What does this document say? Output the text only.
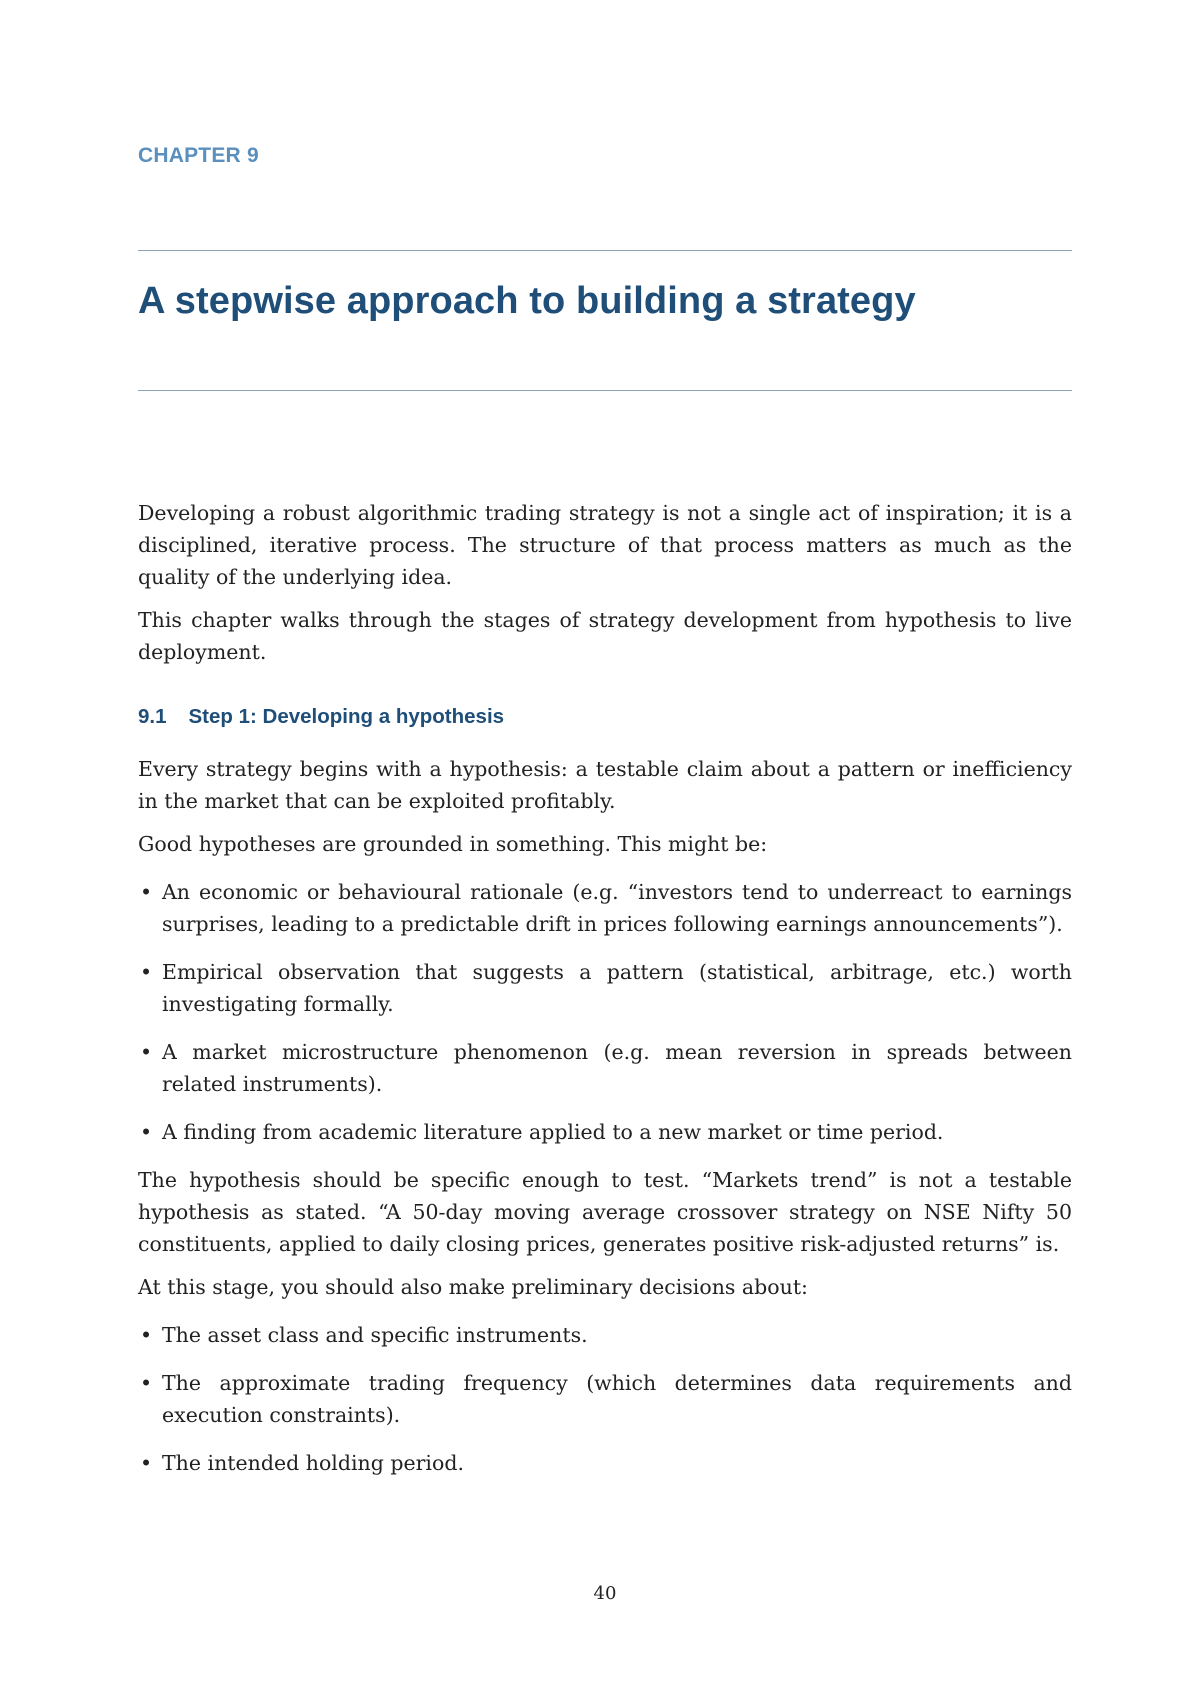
CHAPTER 9
A stepwise approach to building a strategy

Developing a robust algorithmic trading strategy is not a single act of inspiration; it is a disciplined, iterative process. The structure of that process matters as much as the quality of the underlying idea.

This chapter walks through the stages of strategy development from hypothesis to live deployment.

9.1 Step 1: Developing a hypothesis

Every strategy begins with a hypothesis: a testable claim about a pattern or inefficiency in the market that can be exploited profitably.

Good hypotheses are grounded in something. This might be:

• An economic or behavioural rationale (e.g. “investors tend to underreact to earnings surprises, leading to a predictable drift in prices following earnings announcements”).
• Empirical observation that suggests a pattern (statistical, arbitrage, etc.) worth investigating formally.
• A market microstructure phenomenon (e.g. mean reversion in spreads between related instruments).
• A finding from academic literature applied to a new market or time period.

The hypothesis should be specific enough to test. “Markets trend” is not a testable hypothesis as stated. “A 50-day moving average crossover strategy on NSE Nifty 50 constituents, applied to daily closing prices, generates positive risk-adjusted returns” is.

At this stage, you should also make preliminary decisions about:

• The asset class and specific instruments.
• The approximate trading frequency (which determines data requirements and execution constraints).
• The intended holding period.
40
